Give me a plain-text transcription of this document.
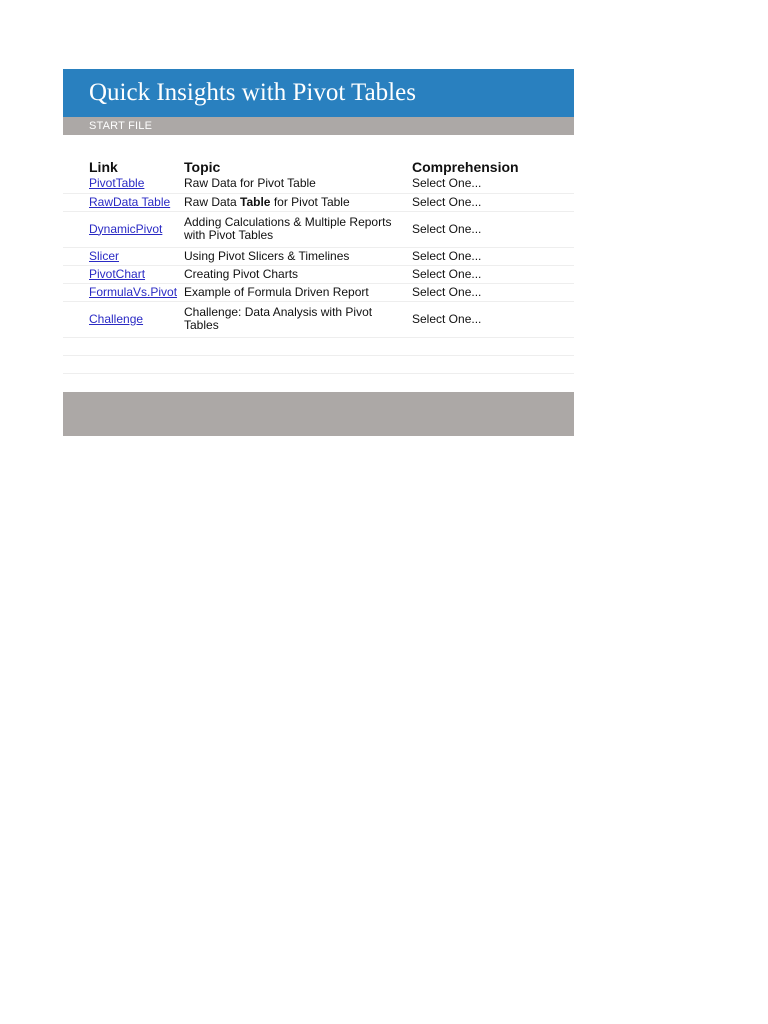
Quick Insights with Pivot Tables
START FILE
	Link	Topic	Comprehension
	PivotTable	Raw Data for Pivot Table	Select One...
	RawData Table	Raw Data Table for Pivot Table	Select One...
	DynamicPivot	Adding Calculations & Multiple Reports with Pivot Tables	Select One...
	Slicer	Using Pivot Slicers & Timelines	Select One...
	PivotChart	Creating Pivot Charts	Select One...
	FormulaVs.Pivot	Example of Formula Driven Report	Select One...
	Challenge	Challenge: Data Analysis with Pivot Tables	Select One...
